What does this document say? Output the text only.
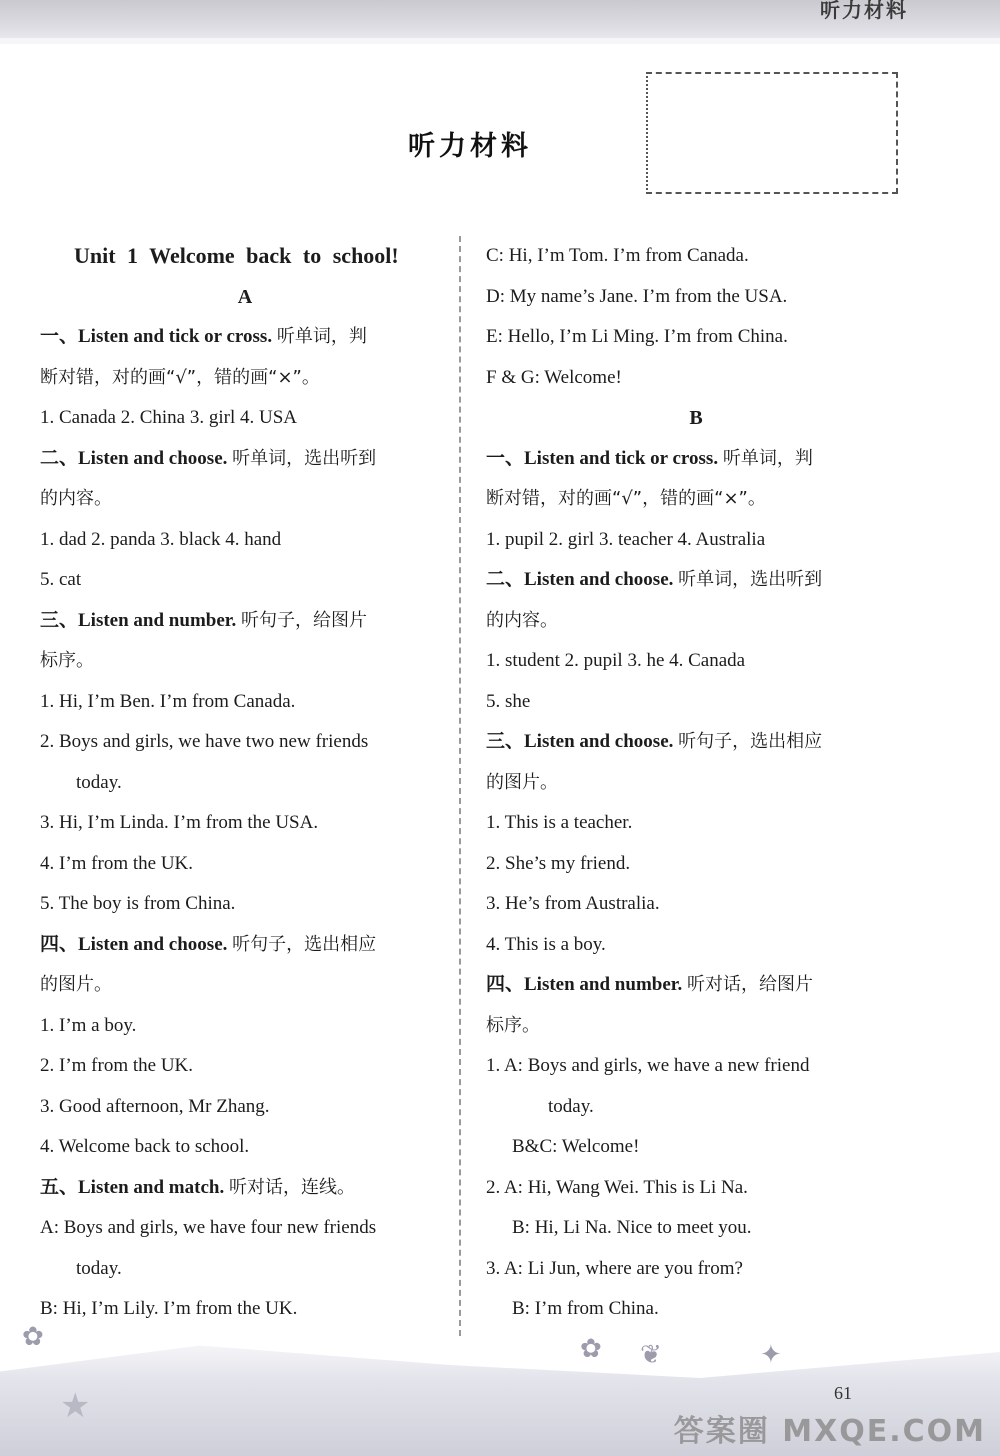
听力材料
听力材料
Unit 1 Welcome back to school!
A
一、Listen and tick or cross. 听单词，判
断对错，对的画“√”，错的画“×”。
1. Canada 2. China 3. girl 4. USA
二、Listen and choose. 听单词，选出听到
的内容。
1. dad 2. panda 3. black 4. hand
5. cat
三、Listen and number. 听句子，给图片
标序。
1. Hi, I’m Ben. I’m from Canada.
2. Boys and girls, we have two new friends
today.
3. Hi, I’m Linda. I’m from the USA.
4. I’m from the UK.
5. The boy is from China.
四、Listen and choose. 听句子，选出相应
的图片。
1. I’m a boy.
2. I’m from the UK.
3. Good afternoon, Mr Zhang.
4. Welcome back to school.
五、Listen and match. 听对话，连线。
A: Boys and girls, we have four new friends
today.
B: Hi, I’m Lily. I’m from the UK.
C: Hi, I’m Tom. I’m from Canada.
D: My name’s Jane. I’m from the USA.
E: Hello, I’m Li Ming. I’m from China.
F & G: Welcome!
B
一、Listen and tick or cross. 听单词，判
断对错，对的画“√”，错的画“×”。
1. pupil 2. girl 3. teacher 4. Australia
二、Listen and choose. 听单词，选出听到
的内容。
1. student 2. pupil 3. he 4. Canada
5. she
三、Listen and choose. 听句子，选出相应
的图片。
1. This is a teacher.
2. She’s my friend.
3. He’s from Australia.
4. This is a boy.
四、Listen and number. 听对话，给图片
标序。
1. A: Boys and girls, we have a new friend
today.
B&C: Welcome!
2. A: Hi, Wang Wei. This is Li Na.
B: Hi, Li Na. Nice to meet you.
3. A: Li Jun, where are you from?
B: I’m from China.
✿	✿ ❦	✦
★	61
答案圈 MXQE.COM
